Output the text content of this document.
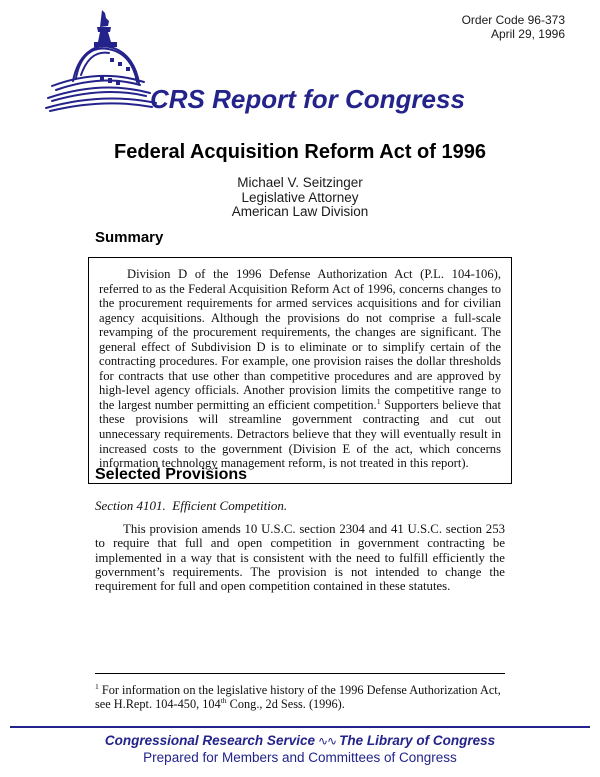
Order Code 96-373
April 29, 1996
CRS Report for Congress
Federal Acquisition Reform Act of 1996
Michael V. Seitzinger
Legislative Attorney
American Law Division
Summary

Division D of the 1996 Defense Authorization Act (P.L. 104-106), referred to as the Federal Acquisition Reform Act of 1996, concerns changes to the procurement requirements for armed services acquisitions and for civilian agency acquisitions. Although the provisions do not comprise a full-scale revamping of the procurement requirements, the changes are significant. The general effect of Subdivision D is to eliminate or to simplify certain of the contracting procedures. For example, one provision raises the dollar thresholds for contracts that use other than competitive procedures and are approved by high-level agency officials. Another provision limits the competitive range to the largest number permitting an efficient competition.$^1$ Supporters believe that these provisions will streamline government contracting and cut out unnecessary requirements. Detractors believe that they will eventually result in increased costs to the government (Division E of the act, which concerns information technology management reform, is not treated in this report).

Selected Provisions
Section 4101.  Efficient Competition.

This provision amends 10 U.S.C. section 2304 and 41 U.S.C. section 253 to require that full and open competition in government contracting be implemented in a way that is consistent with the need to fulfill efficiently the government’s requirements. The provision is not intended to change the requirement for full and open competition contained in these statutes.

$^1$ For information on the legislative history of the 1996 Defense Authorization Act, see H.Rept. 104-450, 104th Cong., 2d Sess. (1996).

Congressional Research Service ∿∿ The Library of Congress
Prepared for Members and Committees of Congress
